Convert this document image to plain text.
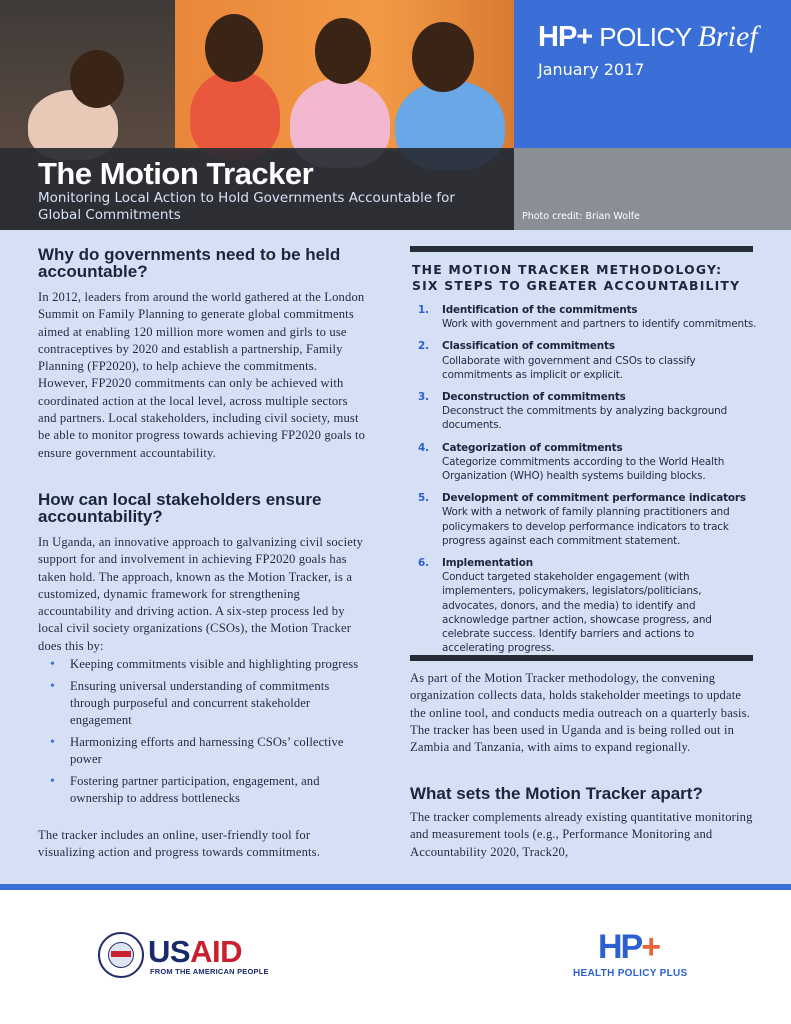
HP+ POLICY Brief
January 2017
The Motion Tracker
Monitoring Local Action to Hold Governments Accountable for Global Commitments	Photo credit: Brian Wolfe
Why do governments need to be held accountable?
In 2012, leaders from around the world gathered at the London Summit on Family Planning to generate global commitments aimed at enabling 120 million more women and girls to use contraceptives by 2020 and establish a partnership, Family Planning (FP2020), to help achieve the commitments. However, FP2020 commitments can only be achieved with coordinated action at the local level, across multiple sectors and partners. Local stakeholders, including civil society, must be able to monitor progress towards achieving FP2020 goals to ensure government accountability.
How can local stakeholders ensure accountability?
In Uganda, an innovative approach to galvanizing civil society support for and involvement in achieving FP2020 goals has taken hold. The approach, known as the Motion Tracker, is a customized, dynamic framework for strengthening accountability and driving action. A six-step process led by local civil society organizations (CSOs), the Motion Tracker does this by:
• Keeping commitments visible and highlighting progress
• Ensuring universal understanding of commitments through purposeful and concurrent stakeholder engagement
• Harmonizing efforts and harnessing CSOs’ collective power
• Fostering partner participation, engagement, and ownership to address bottlenecks
The tracker includes an online, user-friendly tool for visualizing action and progress towards commitments.
THE MOTION TRACKER METHODOLOGY: SIX STEPS TO GREATER ACCOUNTABILITY
1. Identification of the commitments
Work with government and partners to identify commitments.
2. Classification of commitments
Collaborate with government and CSOs to classify commitments as implicit or explicit.
3. Deconstruction of commitments
Deconstruct the commitments by analyzing background documents.
4. Categorization of commitments
Categorize commitments according to the World Health Organization (WHO) health systems building blocks.
5. Development of commitment performance indicators
Work with a network of family planning practitioners and policymakers to develop performance indicators to track progress against each commitment statement.
6. Implementation
Conduct targeted stakeholder engagement (with implementers, policymakers, legislators/politicians, advocates, donors, and the media) to identify and acknowledge partner action, showcase progress, and celebrate success. Identify barriers and actions to accelerating progress.
As part of the Motion Tracker methodology, the convening organization collects data, holds stakeholder meetings to update the online tool, and conducts media outreach on a quarterly basis. The tracker has been used in Uganda and is being rolled out in Zambia and Tanzania, with aims to expand regionally.
What sets the Motion Tracker apart?
The tracker complements already existing quantitative monitoring and measurement tools (e.g., Performance Monitoring and Accountability 2020, Track20,
USAID
FROM THE AMERICAN PEOPLE
HP+
HEALTH POLICY PLUS
